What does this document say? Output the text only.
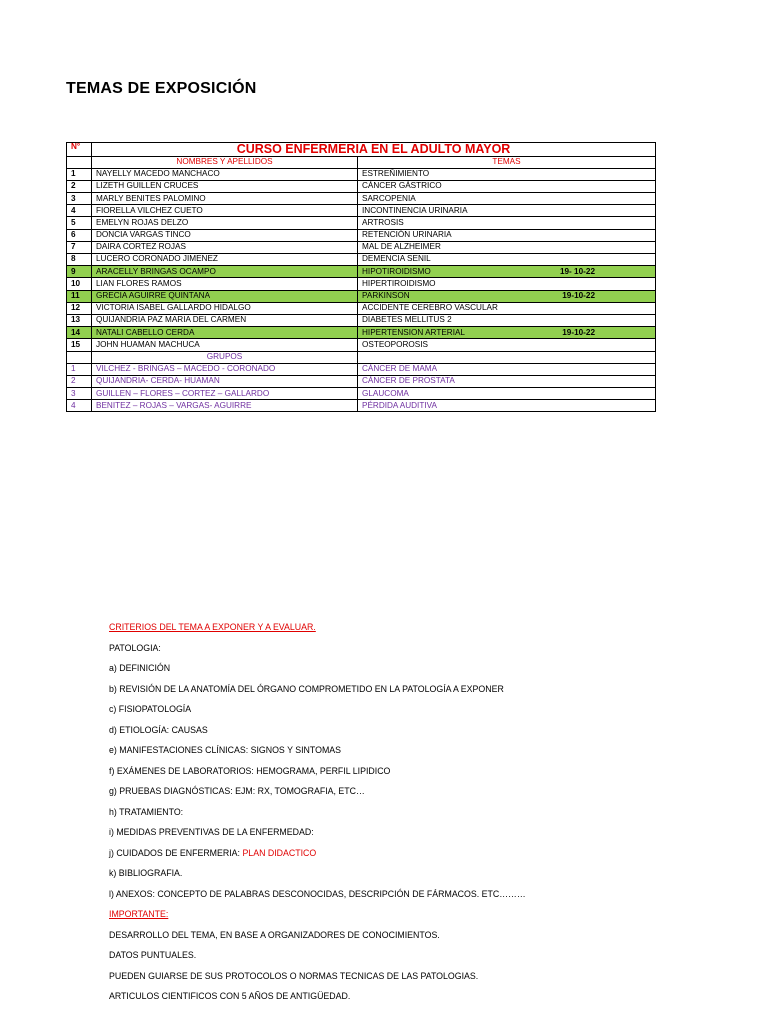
TEMAS DE EXPOSICIÓN
N°	CURSO ENFERMERIA EN EL ADULTO MAYOR	
	NOMBRES Y APELLIDOS	TEMAS
1	NAYELLY MACEDO MANCHACO	ESTREÑIMIENTO
2	LIZETH GUILLEN CRUCES	CÁNCER GÁSTRICO
3	MARLY BENITES PALOMINO	SARCOPENIA
4	FIORELLA VILCHEZ CUETO	INCONTINENCIA URINARIA
5	EMELYN ROJAS DELZO	ARTROSIS
6	DONCIA VARGAS TINCO	RETENCIÓN URINARIA
7	DAIRA CORTEZ ROJAS	MAL DE ALZHEIMER
8	LUCERO CORONADO JIMENEZ	DEMENCIA SENIL
9	ARACELLY BRINGAS OCAMPO	HIPOTIROIDISMO 19- 10-22

10	LIAN FLORES RAMOS	HIPERTIROIDISMO
11	GRECIA AGUIRRE QUINTANA	PARKINSON 19-10-22

12	VICTORIA ISABEL GALLARDO HIDALGO	ACCIDENTE CEREBRO VASCULAR
13	QUIJANDRIA PAZ MARIA DEL CARMEN	DIABETES MELLITUS 2
14	NATALI CABELLO CERDA	HIPERTENSION ARTERIAL 19-10-22

15	JOHN HUAMAN MACHUCA	OSTEOPOROSIS
	GRUPOS	
1	VILCHEZ - BRINGAS – MACEDO - CORONADO	CÁNCER DE MAMA
2	QUIJANDRIA- CERDA- HUAMAN	CÁNCER DE PROSTATA
3	GUILLEN – FLORES – CORTEZ – GALLARDO	GLAUCOMA
4	BENITEZ – ROJAS – VARGAS- AGUIRRE	PÉRDIDA AUDITIVA

CRITERIOS DEL TEMA A EXPONER Y A EVALUAR.

PATOLOGIA:

a) DEFINICIÓN

b) REVISIÓN DE LA ANATOMÍA DEL ÓRGANO COMPROMETIDO EN LA PATOLOGÍA A EXPONER

c) FISIOPATOLOGÍA

d) ETIOLOGÍA: CAUSAS

e) MANIFESTACIONES CLÍNICAS: SIGNOS Y SINTOMAS

f) EXÁMENES DE LABORATORIOS: HEMOGRAMA, PERFIL LIPIDICO

g) PRUEBAS DIAGNÓSTICAS: EJM: RX, TOMOGRAFIA, ETC…

h) TRATAMIENTO:

i) MEDIDAS PREVENTIVAS DE LA ENFERMEDAD:

j) CUIDADOS DE ENFERMERIA: PLAN DIDACTICO

k) BIBLIOGRAFIA.

l) ANEXOS: CONCEPTO DE PALABRAS DESCONOCIDAS, DESCRIPCIÓN DE FÁRMACOS. ETC………

IMPORTANTE:

DESARROLLO DEL TEMA, EN BASE A ORGANIZADORES DE CONOCIMIENTOS.

DATOS PUNTUALES.

PUEDEN GUIARSE DE SUS PROTOCOLOS O NORMAS TECNICAS DE LAS PATOLOGIAS.

ARTICULOS CIENTIFICOS CON 5 AÑOS DE ANTIGÜEDAD.
